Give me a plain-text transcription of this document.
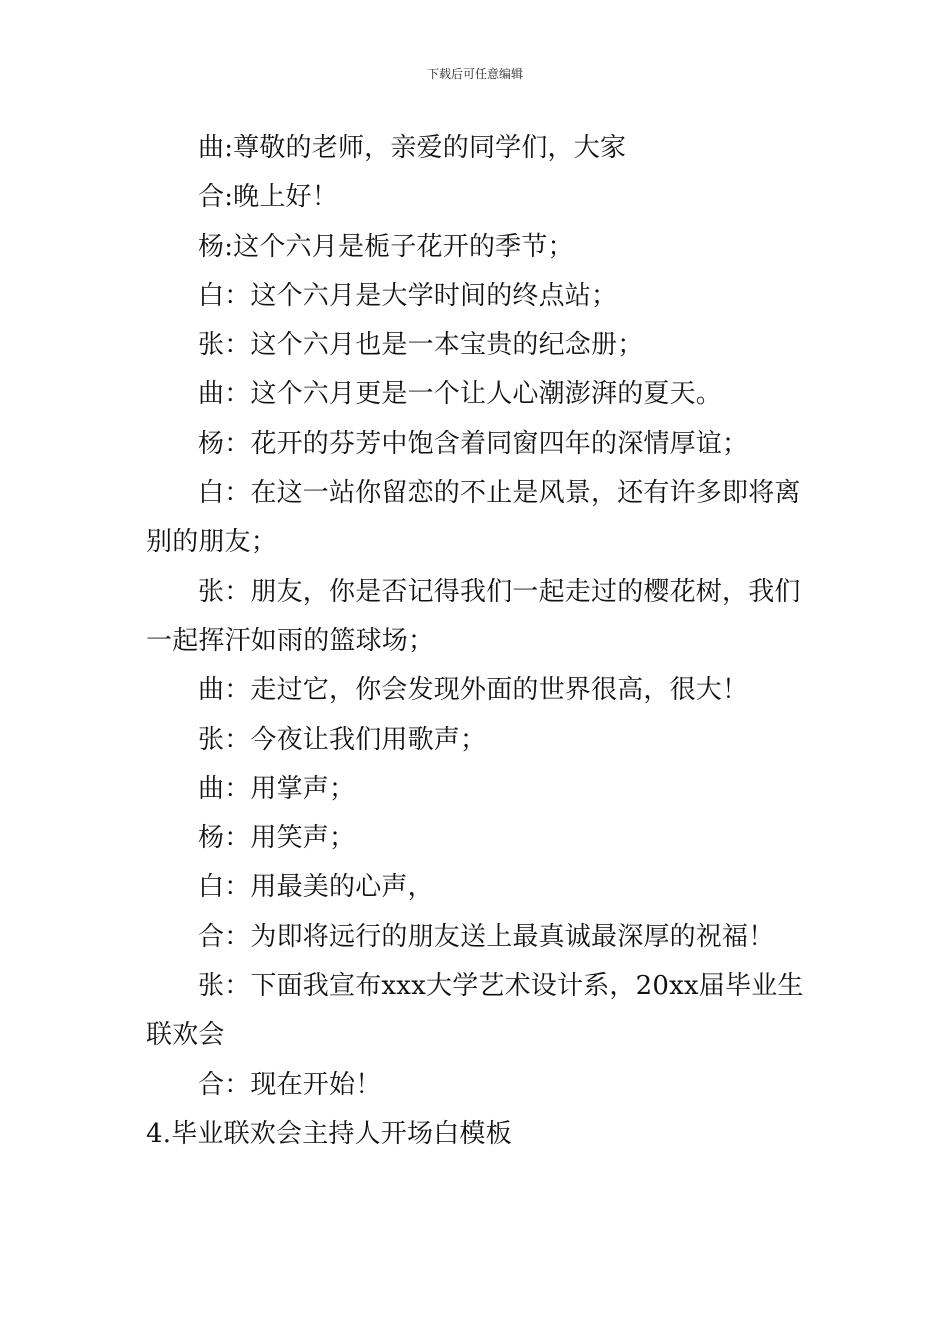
下载后可任意编辑

曲:尊敬的老师，亲爱的同学们，大家

合:晚上好！

杨:这个六月是栀子花开的季节；

白：这个六月是大学时间的终点站；

张：这个六月也是一本宝贵的纪念册；

曲：这个六月更是一个让人心潮澎湃的夏天。

杨：花开的芬芳中饱含着同窗四年的深情厚谊；

白：在这一站你留恋的不止是风景，还有许多即将离别的朋友；

张：朋友，你是否记得我们一起走过的樱花树，我们一起挥汗如雨的篮球场；

曲：走过它，你会发现外面的世界很高，很大！

张：今夜让我们用歌声；

曲：用掌声；

杨：用笑声；

白：用最美的心声，

合：为即将远行的朋友送上最真诚最深厚的祝福！

张：下面我宣布xxx大学艺术设计系，20xx届毕业生联欢会

合：现在开始！

4.毕业联欢会主持人开场白模板
